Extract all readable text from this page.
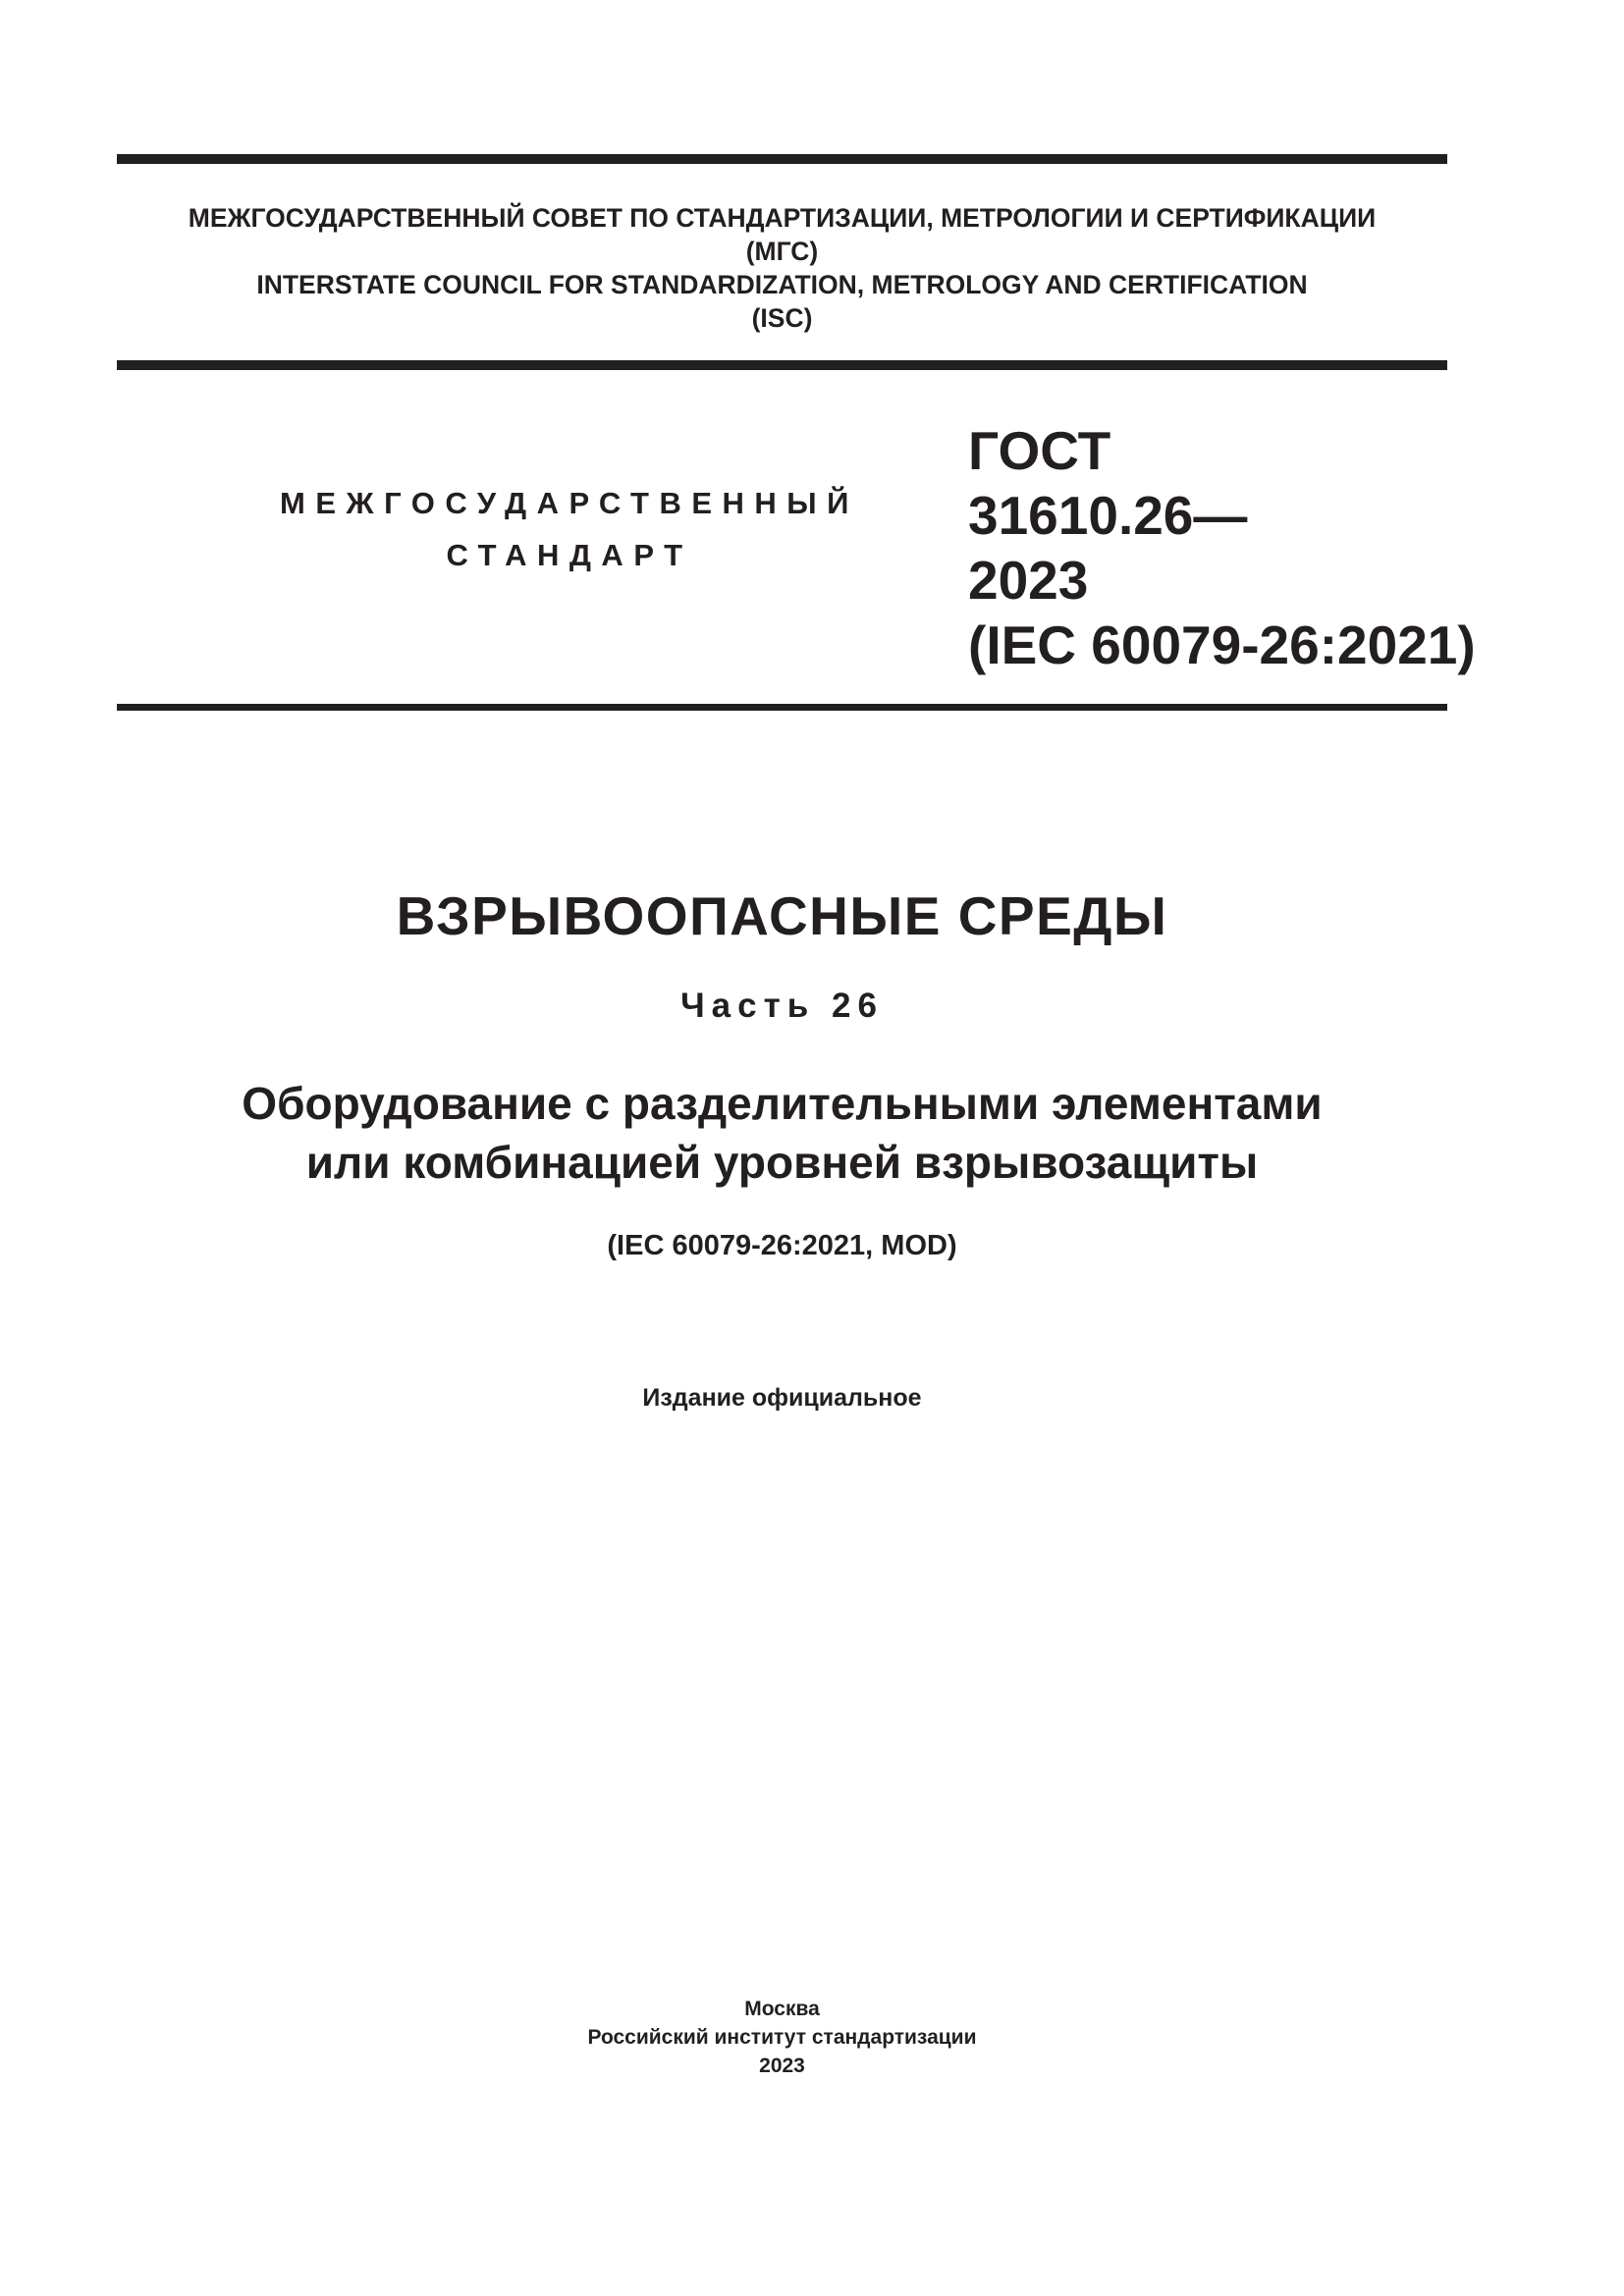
МЕЖГОСУДАРСТВЕННЫЙ СОВЕТ ПО СТАНДАРТИЗАЦИИ, МЕТРОЛОГИИ И СЕРТИФИКАЦИИ
(МГС)
INTERSTATE COUNCIL FOR STANDARDIZATION, METROLOGY AND CERTIFICATION
(ISC)
МЕЖГОСУДАРСТВЕННЫЙ
СТАНДАРТ
ГОСТ
31610.26—
2023
(IEC 60079-26:2021)
ВЗРЫВООПАСНЫЕ СРЕДЫ
Часть 26
Оборудование с разделительными элементами
или комбинацией уровней взрывозащиты
(IEC 60079-26:2021, MOD)
Издание официальное
Москва
Российский институт стандартизации
2023
